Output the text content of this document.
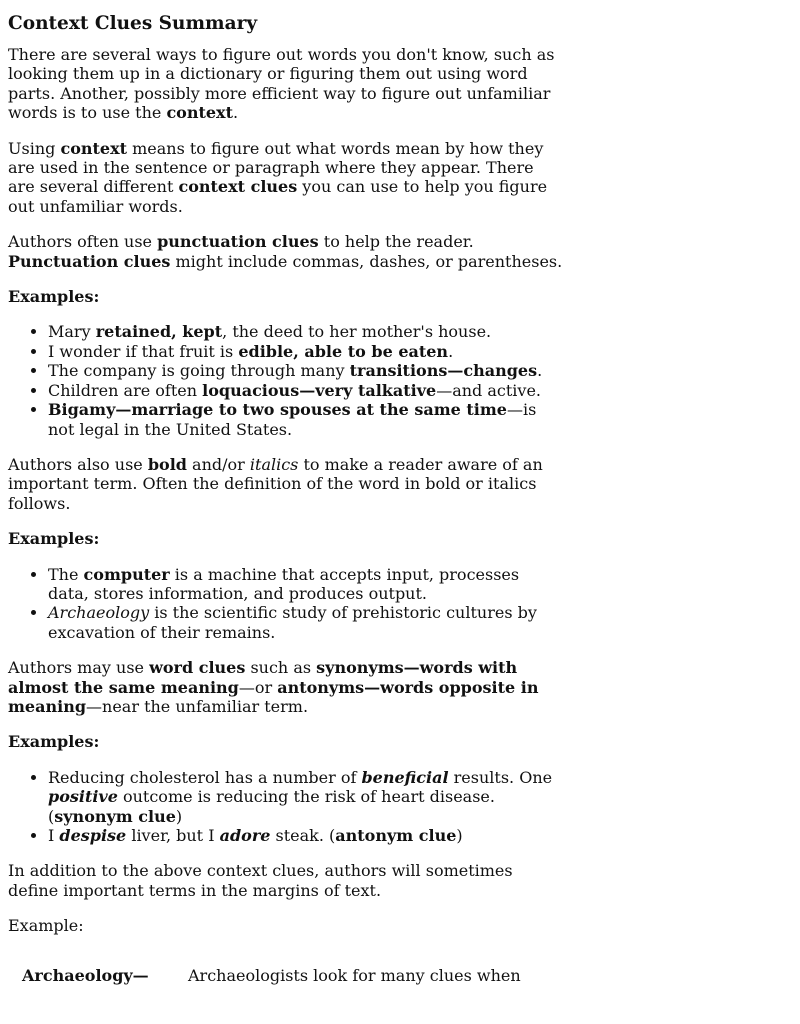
Context Clues Summary

There are several ways to figure out words you don't know, such as looking them up in a dictionary or figuring them out using word parts. Another, possibly more efficient way to figure out unfamiliar words is to use the context.

Using context means to figure out what words mean by how they are used in the sentence or paragraph where they appear. There are several different context clues you can use to help you figure out unfamiliar words.

Authors often use punctuation clues to help the reader. Punctuation clues might include commas, dashes, or parentheses.

Examples:

• Mary retained, kept, the deed to her mother's house.
• I wonder if that fruit is edible, able to be eaten.
• The company is going through many transitions—changes.
• Children are often loquacious—very talkative—and active.
• Bigamy—marriage to two spouses at the same time—is not legal in the United States.

Authors also use bold and/or italics to make a reader aware of an important term. Often the definition of the word in bold or italics follows.

Examples:

• The computer is a machine that accepts input, processes data, stores information, and produces output.
• Archaeology is the scientific study of prehistoric cultures by excavation of their remains.

Authors may use word clues such as synonyms—words with almost the same meaning—or antonyms—words opposite in meaning—near the unfamiliar term.

Examples:

• Reducing cholesterol has a number of beneficial results. One positive outcome is reducing the risk of heart disease. (synonym clue)
• I despise liver, but I adore steak. (antonym clue)

In addition to the above context clues, authors will sometimes define important terms in the margins of text.

Example:

Archaeology—	Archaeologists look for many clues when
